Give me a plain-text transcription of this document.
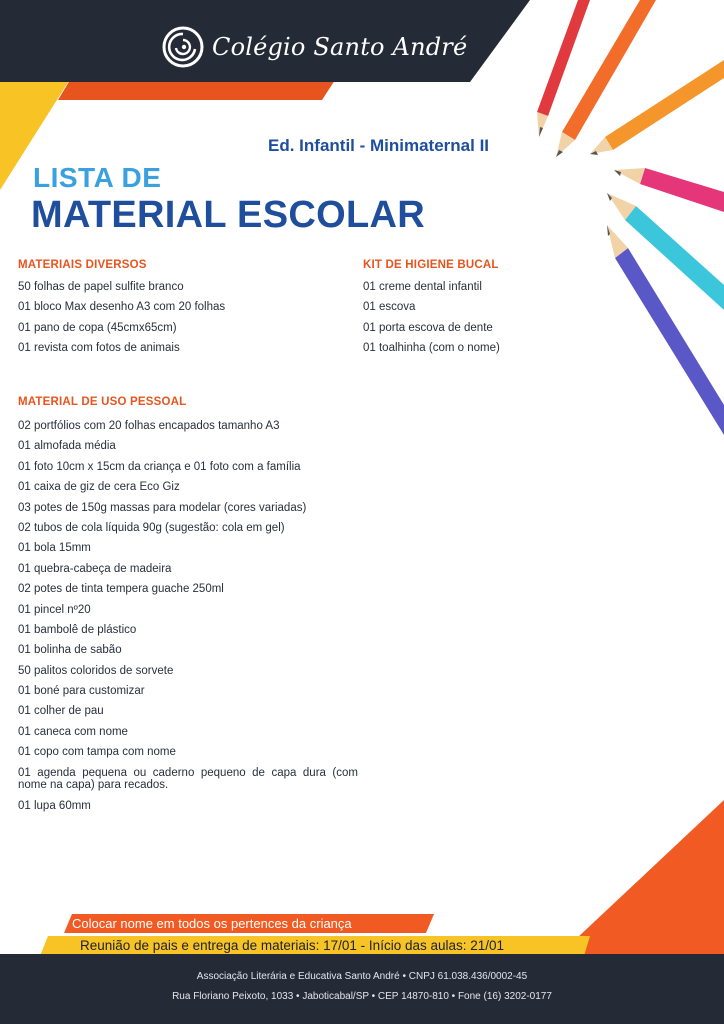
Colégio Santo André
Ed. Infantil - Minimaternal II
LISTA DE
MATERIAL ESCOLAR
MATERIAIS DIVERSOS
50 folhas de papel sulfite branco
01 bloco Max desenho A3 com 20 folhas
01 pano de copa (45cmx65cm)
01 revista com fotos de animais
KIT DE HIGIENE BUCAL
01 creme dental infantil
01 escova
01 porta escova de dente
01 toalhinha (com o nome)
MATERIAL DE USO PESSOAL
02 portfólios com 20 folhas encapados tamanho A3
01 almofada média
01 foto 10cm x 15cm da criança e 01 foto com a família
01 caixa de giz de cera Eco Giz
03 potes de 150g massas para modelar (cores variadas)
02 tubos de cola líquida 90g (sugestão: cola em gel)
01 bola 15mm
01 quebra-cabeça de madeira
02 potes de tinta tempera guache 250ml
01 pincel nº20
01 bambolê de plástico
01 bolinha de sabão
50 palitos coloridos de sorvete
01 boné para customizar
01 colher de pau
01 caneca com nome
01 copo com tampa com nome
01 agenda pequena ou caderno pequeno de capa dura (com nome na capa) para recados.
01 lupa 60mm
Colocar nome em todos os pertences da criança
Reunião de pais e entrega de materiais: 17/01 - Início das aulas: 21/01
Associação Literária e Educativa Santo André • CNPJ 61.038.436/0002-45
Rua Floriano Peixoto, 1033 • Jaboticabal/SP • CEP 14870-810 • Fone (16) 3202-0177
